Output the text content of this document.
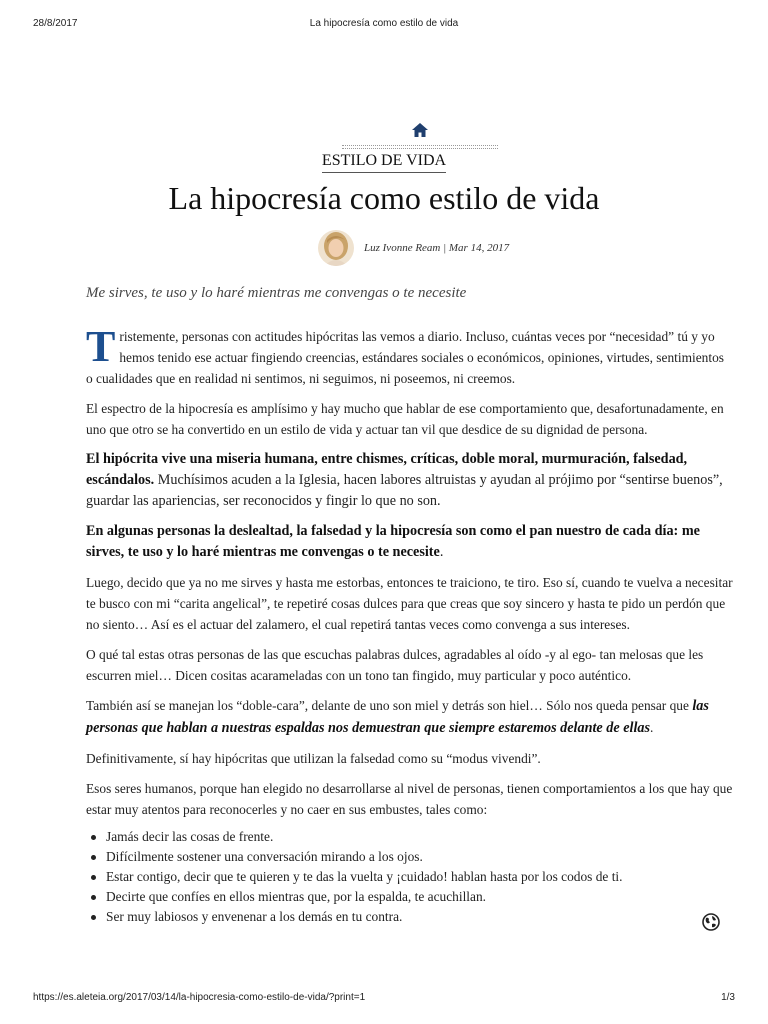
28/8/2017	La hipocresía como estilo de vida
ESTILO DE VIDA
La hipocresía como estilo de vida
Luz Ivonne Ream | Mar 14, 2017
Me sirves, te uso y lo haré mientras me convengas o te necesite

Tristemente, personas con actitudes hipócritas las vemos a diario. Incluso, cuántas veces por “necesidad” tú y yo hemos tenido ese actuar fingiendo creencias, estándares sociales o económicos, opiniones, virtudes, sentimientos o cualidades que en realidad ni sentimos, ni seguimos, ni poseemos, ni creemos.

El espectro de la hipocresía es amplísimo y hay mucho que hablar de ese comportamiento que, desafortunadamente, en uno que otro se ha convertido en un estilo de vida y actuar tan vil que desdice de su dignidad de persona.

El hipócrita vive una miseria humana, entre chismes, críticas, doble moral, murmuración, falsedad, escándalos. Muchísimos acuden a la Iglesia, hacen labores altruistas y ayudan al prójimo por “sentirse buenos”, guardar las apariencias, ser reconocidos y fingir lo que no son.

En algunas personas la deslealtad, la falsedad y la hipocresía son como el pan nuestro de cada día: me sirves, te uso y lo haré mientras me convengas o te necesite.

Luego, decido que ya no me sirves y hasta me estorbas, entonces te traiciono, te tiro. Eso sí, cuando te vuelva a necesitar te busco con mi “carita angelical”, te repetiré cosas dulces para que creas que soy sincero y hasta te pido un perdón que no siento… Así es el actuar del zalamero, el cual repetirá tantas veces como convenga a sus intereses.

O qué tal estas otras personas de las que escuchas palabras dulces, agradables al oído -y al ego- tan melosas que les escurren miel… Dicen cositas acarameladas con un tono tan fingido, muy particular y poco auténtico.

También así se manejan los “doble-cara”, delante de uno son miel y detrás son hiel… Sólo nos queda pensar que las personas que hablan a nuestras espaldas nos demuestran que siempre estaremos delante de ellas.

Definitivamente, sí hay hipócritas que utilizan la falsedad como su “modus vivendi”.

Esos seres humanos, porque han elegido no desarrollarse al nivel de personas, tienen comportamientos a los que hay que estar muy atentos para reconocerles y no caer en sus embustes, tales como:

Jamás decir las cosas de frente.
Difícilmente sostener una conversación mirando a los ojos.
Estar contigo, decir que te quieren y te das la vuelta y ¡cuidado! hablan hasta por los codos de ti.
Decirte que confíes en ellos mientras que, por la espalda, te acuchillan.
Ser muy labiosos y envenenar a los demás en tu contra.
https://es.aleteia.org/2017/03/14/la-hipocresia-como-estilo-de-vida/?print=1	1/3
